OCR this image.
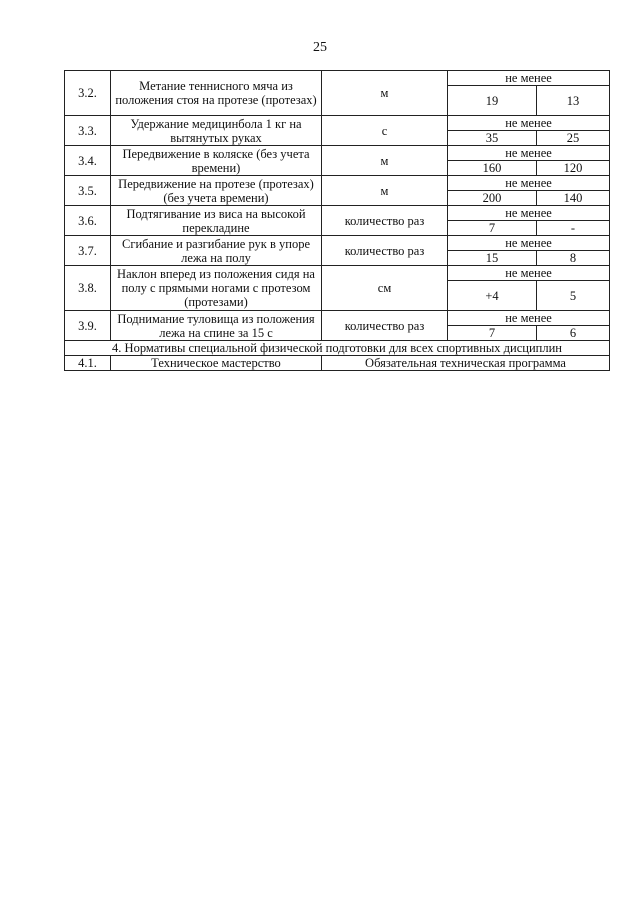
25
3.2.	Метание теннисного мяча из положения стоя на протезе (протезах)	м	не менее	
			19	13
3.3.	Удержание медицинбола 1 кг на вытянутых руках	с	не менее	
			35	25
3.4.	Передвижение в коляске (без учета времени)	м	не менее	
			160	120
3.5.	Передвижение на протезе (протезах) (без учета времени)	м	не менее	
			200	140
3.6.	Подтягивание из виса на высокой перекладине	количество раз	не менее	
			7	-
3.7.	Сгибание и разгибание рук в упоре лежа на полу	количество раз	не менее	
			15	8
3.8.	Наклон вперед из положения сидя на полу с прямыми ногами с протезом (протезами)	см	не менее	
			+4	5
3.9.	Поднимание туловища из положения лежа на спине за 15 с	количество раз	не менее	
			7	6
4. Нормативы специальной физической подготовки для всех спортивных дисциплин				
4.1.	Техническое мастерство	Обязательная техническая программа		
